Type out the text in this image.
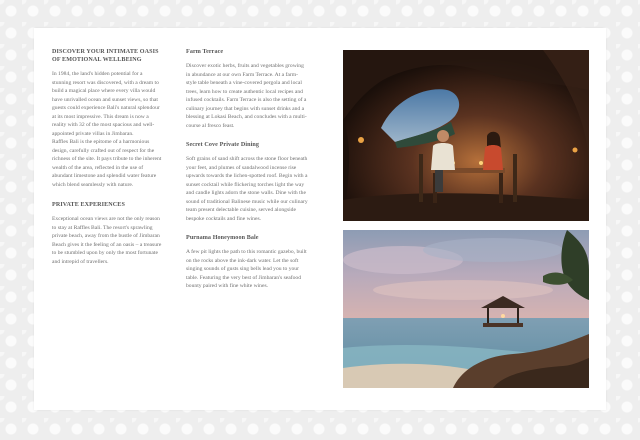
DISCOVER YOUR INTIMATE OASIS OF EMOTIONAL WELLBEING
In 1984, the land's hidden potential for a stunning resort was discovered, with a dream to build a magical place where every villa would have unrivalled ocean and sunset views, so that guests could experience Bali's natural splendour at its most impressive. This dream is now a reality with 32 of the most spacious and well-appointed private villas in Jimbaran.
Raffles Bali is the epitome of a harmonious design, carefully crafted out of respect for the richness of the site. It pays tribute to the inherent wealth of the area, reflected in the use of abundant limestone and splendid water feature which blend seamlessly with nature.
PRIVATE EXPERIENCES
Exceptional ocean views are not the only reason to stay at Raffles Bali. The resort's sprawling private beach, away from the bustle of Jimbaran Beach gives it the feeling of an oasis – a treasure to be stumbled upon by only the most fortunate and intrepid of travellers.
Farm Terrace
Discover exotic herbs, fruits and vegetables growing in abundance at our own Farm Terrace. At a farm-style table beneath a vine-covered pergola and local trees, learn how to create authentic local recipes and infused cocktails. Farm Terrace is also the setting of a culinary journey that begins with sunset drinks and a blessing at Lokasi Beach, and concludes with a multi-course al fresco feast.
Secret Cove Private Dining
Soft grains of sand shift across the stone floor beneath your feet, and plumes of sandalwood incense rise upwards towards the lichen-spotted roof. Begin with a sunset cocktail while flickering torches light the way and candle lights adorn the stone walls. Dine with the sound of traditional Balinese music while our culinary team present delectable cuisine, served alongside bespoke cocktails and fine wines.
Purnama Honeymoon Bale
A few pit lights the path to this romantic gazebo, built on the rocks above the ink-dark water. Let the soft singing sounds of gusts sing bells lead you to your table. Featuring the very best of Jimbaran's seafood bounty paired with fine white wines.
